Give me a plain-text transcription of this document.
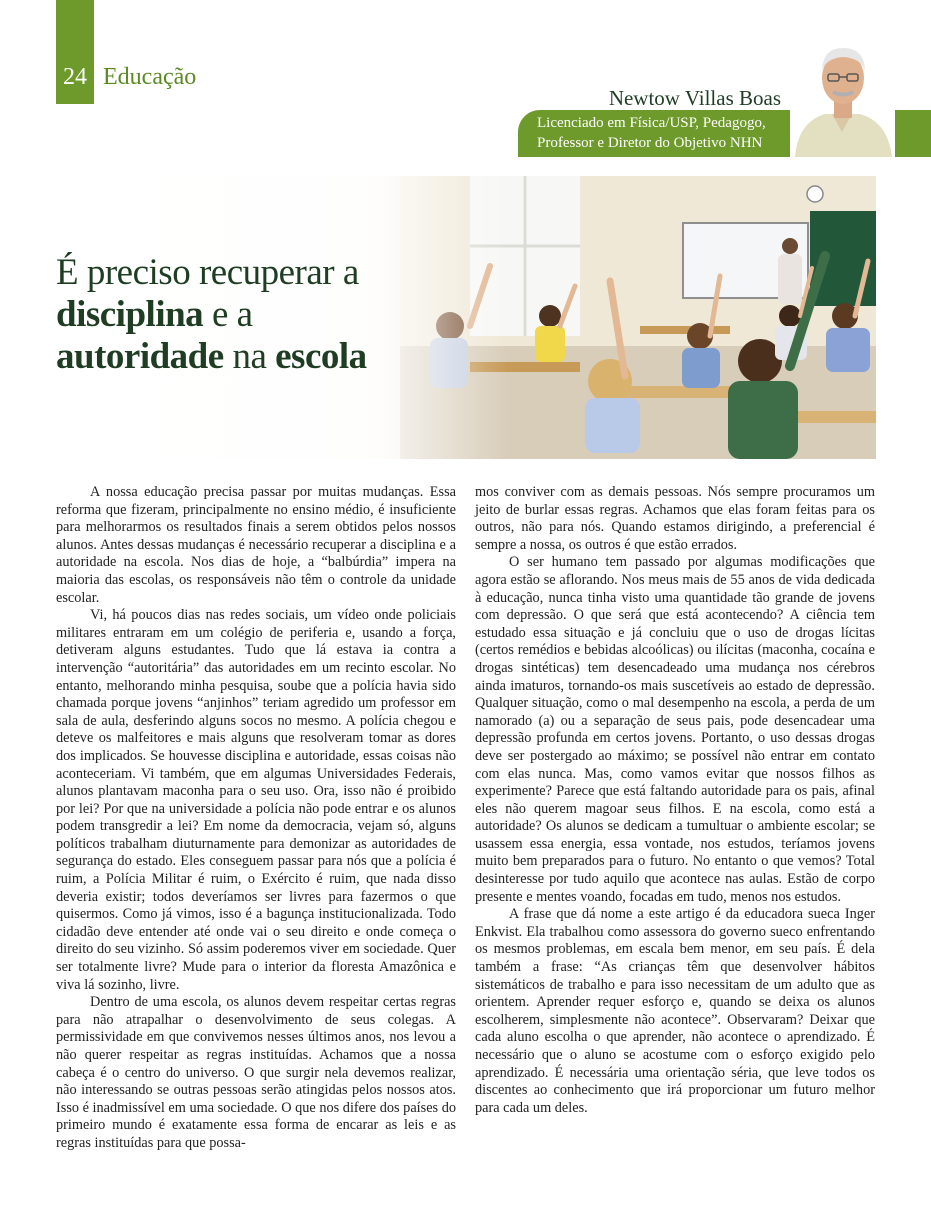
24 Educação
Newtow Villas Boas
Licenciado em Física/USP, Pedagogo,
Professor e Diretor do Objetivo NHN
É preciso recuperar a
disciplina e a
autoridade na escola

A nossa educação precisa passar por muitas mudanças. Essa reforma que fizeram, principalmente no ensino médio, é insuficiente para melhorarmos os resultados finais a serem obtidos pelos nossos alunos. Antes dessas mudanças é necessário recuperar a disciplina e a autoridade na escola. Nos dias de hoje, a “balbúrdia” impera na maioria das escolas, os responsáveis não têm o controle da unidade escolar.

Vi, há poucos dias nas redes sociais, um vídeo onde policiais militares entraram em um colégio de periferia e, usando a força, detiveram alguns estudantes. Tudo que lá estava ia contra a intervenção “autoritária” das autoridades em um recinto escolar. No entanto, melhorando minha pesquisa, soube que a polícia havia sido chamada porque jovens “anjinhos” teriam agredido um professor em sala de aula, desferindo alguns socos no mesmo. A polícia chegou e deteve os malfeitores e mais alguns que resolveram tomar as dores dos implicados. Se houvesse disciplina e autoridade, essas coisas não aconteceriam. Vi também, que em algumas Universidades Federais, alunos plantavam maconha para o seu uso. Ora, isso não é proibido por lei? Por que na universidade a polícia não pode entrar e os alunos podem transgredir a lei? Em nome da democracia, vejam só, alguns políticos trabalham diuturnamente para demonizar as autoridades de segurança do estado. Eles conseguem passar para nós que a polícia é ruim, a Polícia Militar é ruim, o Exército é ruim, que nada disso deveria existir; todos deveríamos ser livres para fazermos o que quisermos. Como já vimos, isso é a bagunça institucionalizada. Todo cidadão deve entender até onde vai o seu direito e onde começa o direito do seu vizinho. Só assim poderemos viver em sociedade. Quer ser totalmente livre? Mude para o interior da floresta Amazônica e viva lá sozinho, livre.

Dentro de uma escola, os alunos devem respeitar certas regras para não atrapalhar o desenvolvimento de seus colegas. A permissividade em que convivemos nesses últimos anos, nos levou a não querer respeitar as regras instituídas. Achamos que a nossa cabeça é o centro do universo. O que surgir nela devemos realizar, não interessando se outras pessoas serão atingidas pelos nossos atos. Isso é inadmissível em uma sociedade. O que nos difere dos países do primeiro mundo é exatamente essa forma de encarar as leis e as regras instituídas para que possa-

mos conviver com as demais pessoas. Nós sempre procuramos um jeito de burlar essas regras. Achamos que elas foram feitas para os outros, não para nós. Quando estamos dirigindo, a preferencial é sempre a nossa, os outros é que estão errados.

O ser humano tem passado por algumas modificações que agora estão se aflorando. Nos meus mais de 55 anos de vida dedicada à educação, nunca tinha visto uma quantidade tão grande de jovens com depressão. O que será que está acontecendo? A ciência tem estudado essa situação e já concluiu que o uso de drogas lícitas (certos remédios e bebidas alcoólicas) ou ilícitas (maconha, cocaína e drogas sintéticas) tem desencadeado uma mudança nos cérebros ainda imaturos, tornando-os mais suscetíveis ao estado de depressão. Qualquer situação, como o mal desempenho na escola, a perda de um namorado (a) ou a separação de seus pais, pode desencadear uma depressão profunda em certos jovens. Portanto, o uso dessas drogas deve ser postergado ao máximo; se possível não entrar em contato com elas nunca. Mas, como vamos evitar que nossos filhos as experimente? Parece que está faltando autoridade para os pais, afinal eles não querem magoar seus filhos. E na escola, como está a autoridade? Os alunos se dedicam a tumultuar o ambiente escolar; se usassem essa energia, essa vontade, nos estudos, teríamos jovens muito bem preparados para o futuro. No entanto o que vemos? Total desinteresse por tudo aquilo que acontece nas aulas. Estão de corpo presente e mentes voando, focadas em tudo, menos nos estudos.

A frase que dá nome a este artigo é da educadora sueca Inger Enkvist. Ela trabalhou como assessora do governo sueco enfrentando os mesmos problemas, em escala bem menor, em seu país. É dela também a frase: “As crianças têm que desenvolver hábitos sistemáticos de trabalho e para isso necessitam de um adulto que as orientem. Aprender requer esforço e, quando se deixa os alunos escolherem, simplesmente não acontece”. Observaram? Deixar que cada aluno escolha o que aprender, não acontece o aprendizado. É necessário que o aluno se acostume com o esforço exigido pelo aprendizado. É necessária uma orientação séria, que leve todos os discentes ao conhecimento que irá proporcionar um futuro melhor para cada um deles.
